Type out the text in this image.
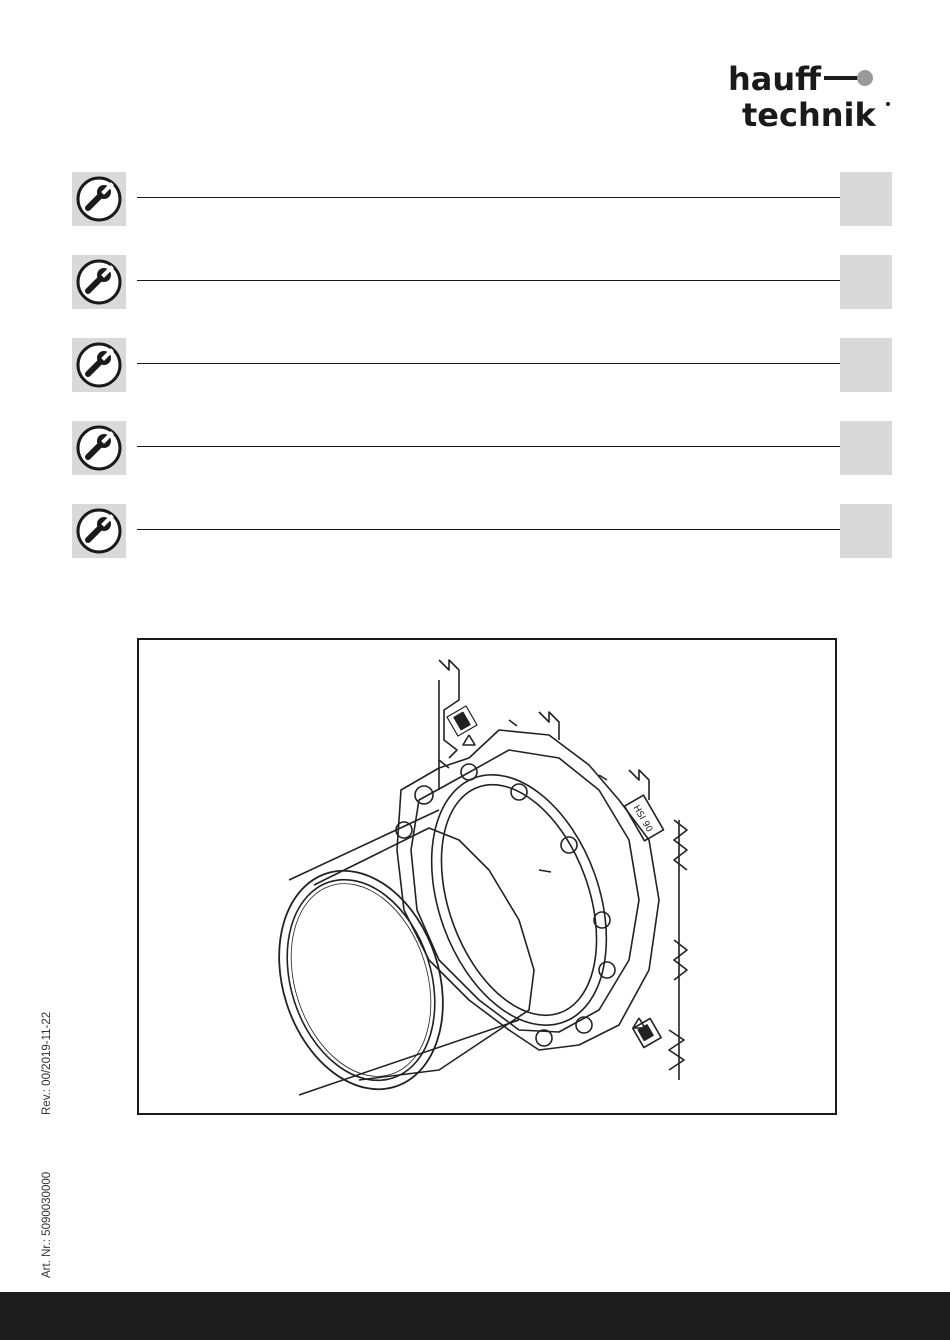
hauff
technik
HSI 90
Rev.: 00/2019-11-22
Art. Nr.: 5090030000
